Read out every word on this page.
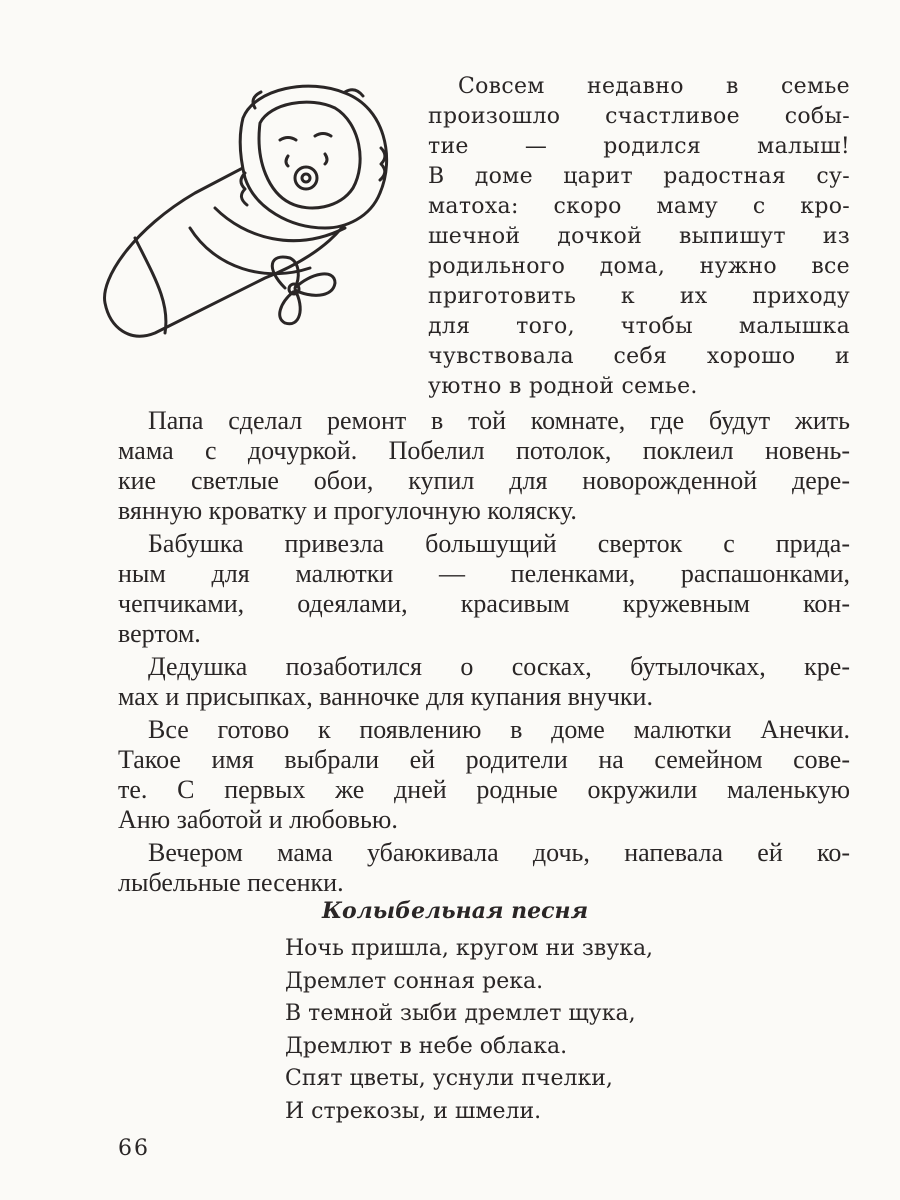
Совсем недавно в семье
произошло счастливое собы-
тие — родился малыш!
В доме царит радостная су-
матоха: скоро маму с кро-
шечной дочкой выпишут из
родильного дома, нужно все
приготовить к их приходу
для того, чтобы малышка
чувствовала себя хорошо и
уютно в родной семье.
Папа сделал ремонт в той комнате, где будут жить
мама с дочуркой. Побелил потолок, поклеил новень-
кие светлые обои, купил для новорожденной дере-
вянную кроватку и прогулочную коляску.
Бабушка привезла большущий сверток с прида-
ным для малютки — пеленками, распашонками,
чепчиками, одеялами, красивым кружевным кон-
вертом.
Дедушка позаботился о сосках, бутылочках, кре-
мах и присыпках, ванночке для купания внучки.
Все готово к появлению в доме малютки Анечки.
Такое имя выбрали ей родители на семейном сове-
те. С первых же дней родные окружили маленькую
Аню заботой и любовью.
Вечером мама убаюкивала дочь, напевала ей ко-
лыбельные песенки.
Колыбельная песня
Ночь пришла, кругом ни звука,
Дремлет сонная река.
В темной зыби дремлет щука,
Дремлют в небе облака.
Спят цветы, уснули пчелки,
И стрекозы, и шмели.
66
